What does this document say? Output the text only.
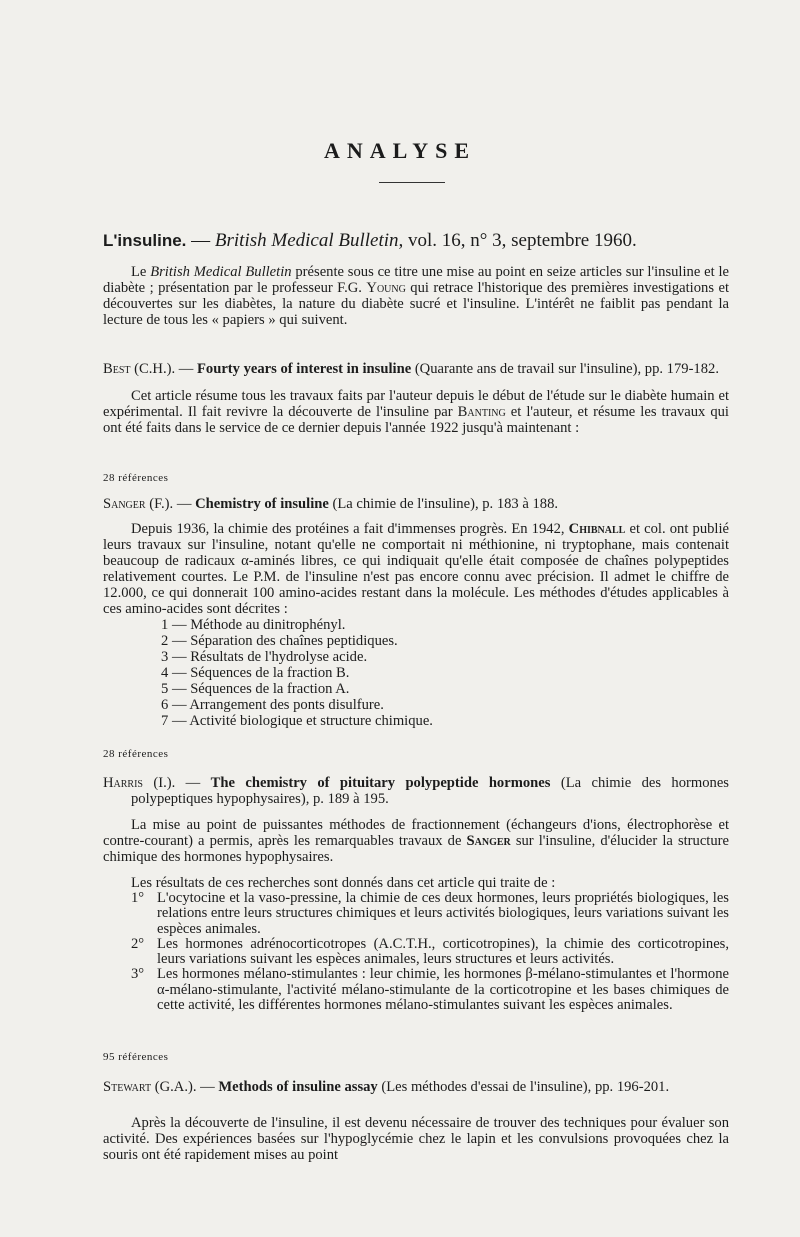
ANALYSE
L'insuline. — British Medical Bulletin, vol. 16, n° 3, septembre 1960.

Le British Medical Bulletin présente sous ce titre une mise au point en seize articles sur l'insuline et le diabète ; présentation par le professeur F.G. Young qui retrace l'historique des premières investigations et découvertes sur les diabètes, la nature du diabète sucré et l'insuline. L'intérêt ne faiblit pas pendant la lecture de tous les « papiers » qui suivent.

Best (C.H.). — Fourty years of interest in insuline (Quarante ans de travail sur l'insuline), pp. 179-182.

Cet article résume tous les travaux faits par l'auteur depuis le début de l'étude sur le diabète humain et expérimental. Il fait revivre la découverte de l'insuline par Banting et l'auteur, et résume les travaux qui ont été faits dans le service de ce dernier depuis l'année 1922 jusqu'à maintenant :

28 références

Sanger (F.). — Chemistry of insuline (La chimie de l'insuline), p. 183 à 188.

Depuis 1936, la chimie des protéines a fait d'immenses progrès. En 1942, Chibnall et col. ont publié leurs travaux sur l'insuline, notant qu'elle ne comportait ni méthionine, ni tryptophane, mais contenait beaucoup de radicaux α-aminés libres, ce qui indiquait qu'elle était composée de chaînes polypeptides relativement courtes. Le P.M. de l'insuline n'est pas encore connu avec précision. Il admet le chiffre de 12.000, ce qui donnerait 100 amino-acides restant dans la molécule. Les méthodes d'études applicables à ces amino-acides sont décrites :

1 — Méthode au dinitrophényl.
2 — Séparation des chaînes peptidiques.
3 — Résultats de l'hydrolyse acide.
4 — Séquences de la fraction B.
5 — Séquences de la fraction A.
6 — Arrangement des ponts disulfure.
7 — Activité biologique et structure chimique.
28 références

Harris (I.). — The chemistry of pituitary polypeptide hormones (La chimie des hormones polypeptiques hypophysaires), p. 189 à 195.

La mise au point de puissantes méthodes de fractionnement (échangeurs d'ions, électrophorèse et contre-courant) a permis, après les remarquables travaux de Sanger sur l'insuline, d'élucider la structure chimique des hormones hypophysaires.

Les résultats de ces recherches sont donnés dans cet article qui traite de :

1° L'ocytocine et la vaso-pressine, la chimie de ces deux hormones, leurs propriétés biologiques, les relations entre leurs structures chimiques et leurs activités biologiques, leurs variations suivant les espèces animales.
2° Les hormones adrénocorticotropes (A.C.T.H., corticotropines), la chimie des corticotropines, leurs variations suivant les espèces animales, leurs structures et leurs activités.
3° Les hormones mélano-stimulantes : leur chimie, les hormones β-mélano-stimulantes et l'hormone α-mélano-stimulante, l'activité mélano-stimulante de la corticotropine et les bases chimiques de cette activité, les différentes hormones mélano-stimulantes suivant les espèces animales.
95 références

Stewart (G.A.). — Methods of insuline assay (Les méthodes d'essai de l'insuline), pp. 196-201.

Après la découverte de l'insuline, il est devenu nécessaire de trouver des techniques pour évaluer son activité. Des expériences basées sur l'hypoglycémie chez le lapin et les convulsions provoquées chez la souris ont été rapidement mises au point
